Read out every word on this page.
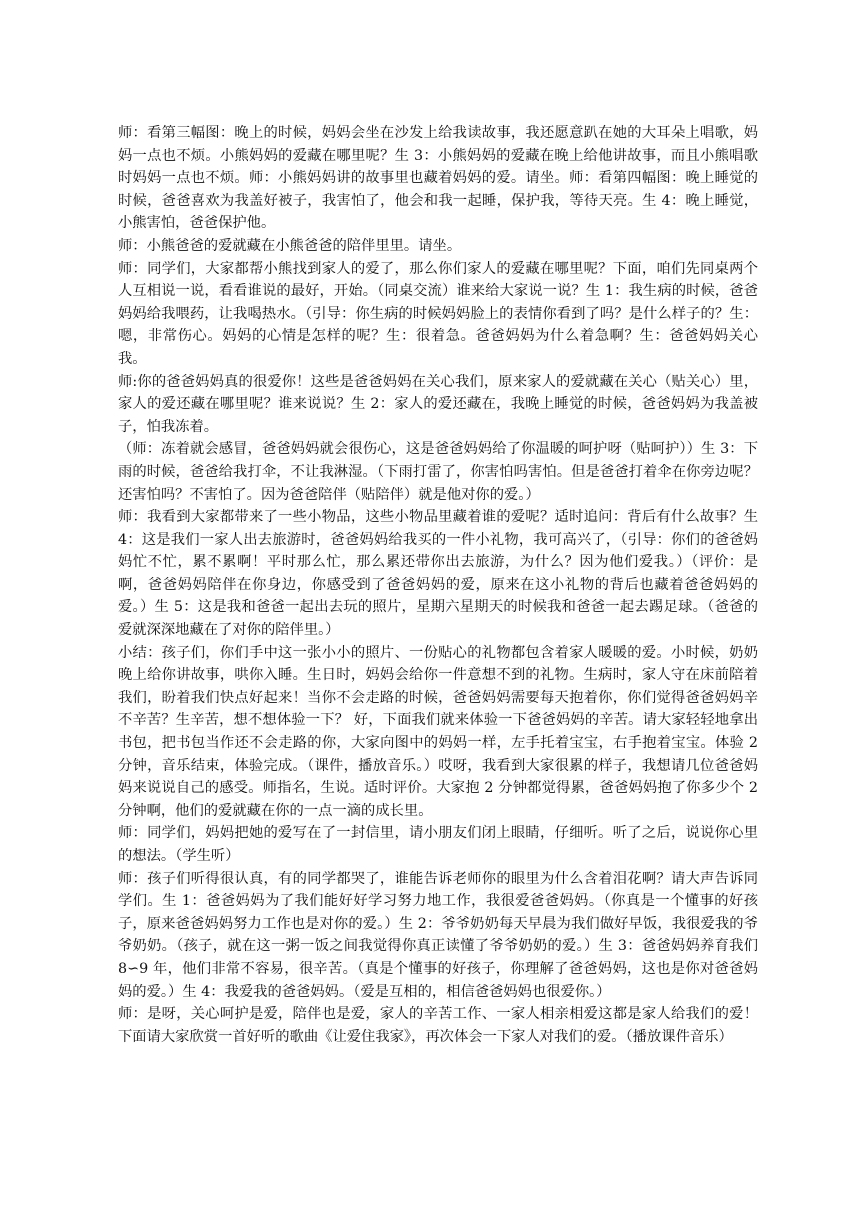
师：看第三幅图：晚上的时候，妈妈会坐在沙发上给我读故事，我还愿意趴在她的大耳朵上唱歌，妈妈一点也不烦。小熊妈妈的爱藏在哪里呢？生 3：小熊妈妈的爱藏在晚上给他讲故事，而且小熊唱歌时妈妈一点也不烦。师：小熊妈妈讲的故事里也藏着妈妈的爱。请坐。师：看第四幅图：晚上睡觉的时候，爸爸喜欢为我盖好被子，我害怕了，他会和我一起睡，保护我，等待天亮。生 4：晚上睡觉，小熊害怕，爸爸保护他。

师：小熊爸爸的爱就藏在小熊爸爸的陪伴里里。请坐。

师：同学们，大家都帮小熊找到家人的爱了，那么你们家人的爱藏在哪里呢？下面，咱们先同桌两个人互相说一说，看看谁说的最好，开始。（同桌交流）谁来给大家说一说？生 1：我生病的时候，爸爸妈妈给我喂药，让我喝热水。（引导：你生病的时候妈妈脸上的表情你看到了吗？是什么样子的？生：嗯，非常伤心。妈妈的心情是怎样的呢？生：很着急。爸爸妈妈为什么着急啊？生：爸爸妈妈关心我。

师:你的爸爸妈妈真的很爱你！这些是爸爸妈妈在关心我们，原来家人的爱就藏在关心（贴关心）里，家人的爱还藏在哪里呢？谁来说说？生 2：家人的爱还藏在，我晚上睡觉的时候，爸爸妈妈为我盖被子，怕我冻着。

（师：冻着就会感冒，爸爸妈妈就会很伤心，这是爸爸妈妈给了你温暖的呵护呀（贴呵护））生 3：下雨的时候，爸爸给我打伞，不让我淋湿。（下雨打雷了，你害怕吗害怕。但是爸爸打着伞在你旁边呢？还害怕吗？不害怕了。因为爸爸陪伴（贴陪伴）就是他对你的爱。）

师：我看到大家都带来了一些小物品，这些小物品里藏着谁的爱呢？适时追问：背后有什么故事？生 4：这是我们一家人出去旅游时，爸爸妈妈给我买的一件小礼物，我可高兴了，（引导：你们的爸爸妈妈忙不忙，累不累啊！平时那么忙，那么累还带你出去旅游，为什么？因为他们爱我。）（评价：是啊，爸爸妈妈陪伴在你身边，你感受到了爸爸妈妈的爱，原来在这小礼物的背后也藏着爸爸妈妈的爱。）生 5：这是我和爸爸一起出去玩的照片，星期六星期天的时候我和爸爸一起去踢足球。（爸爸的爱就深深地藏在了对你的陪伴里。）

小结：孩子们，你们手中这一张小小的照片、一份贴心的礼物都包含着家人暖暖的爱。小时候，奶奶晚上给你讲故事，哄你入睡。生日时，妈妈会给你一件意想不到的礼物。生病时，家人守在床前陪着我们，盼着我们快点好起来！当你不会走路的时候，爸爸妈妈需要每天抱着你，你们觉得爸爸妈妈辛不辛苦？生辛苦，想不想体验一下？ 好，下面我们就来体验一下爸爸妈妈的辛苦。请大家轻轻地拿出书包，把书包当作还不会走路的你，大家向图中的妈妈一样，左手托着宝宝，右手抱着宝宝。体验 2 分钟，音乐结束，体验完成。（课件，播放音乐。）哎呀，我看到大家很累的样子，我想请几位爸爸妈妈来说说自己的感受。师指名，生说。适时评价。大家抱 2 分钟都觉得累，爸爸妈妈抱了你多少个 2 分钟啊，他们的爱就藏在你的一点一滴的成长里。

师：同学们，妈妈把她的爱写在了一封信里，请小朋友们闭上眼睛，仔细听。听了之后，说说你心里的想法。（学生听）

师：孩子们听得很认真，有的同学都哭了，谁能告诉老师你的眼里为什么含着泪花啊？请大声告诉同学们。生 1：爸爸妈妈为了我们能好好学习努力地工作，我很爱爸爸妈妈。（你真是一个懂事的好孩子，原来爸爸妈妈努力工作也是对你的爱。）生 2：爷爷奶奶每天早晨为我们做好早饭，我很爱我的爷爷奶奶。（孩子，就在这一粥一饭之间我觉得你真正读懂了爷爷奶奶的爱。）生 3：爸爸妈妈养育我们 8∽9 年，他们非常不容易，很辛苦。（真是个懂事的好孩子，你理解了爸爸妈妈，这也是你对爸爸妈妈的爱。）生 4：我爱我的爸爸妈妈。（爱是互相的，相信爸爸妈妈也很爱你。）

师：是呀，关心呵护是爱，陪伴也是爱，家人的辛苦工作、一家人相亲相爱这都是家人给我们的爱！下面请大家欣赏一首好听的歌曲《让爱住我家》，再次体会一下家人对我们的爱。（播放课件音乐）
